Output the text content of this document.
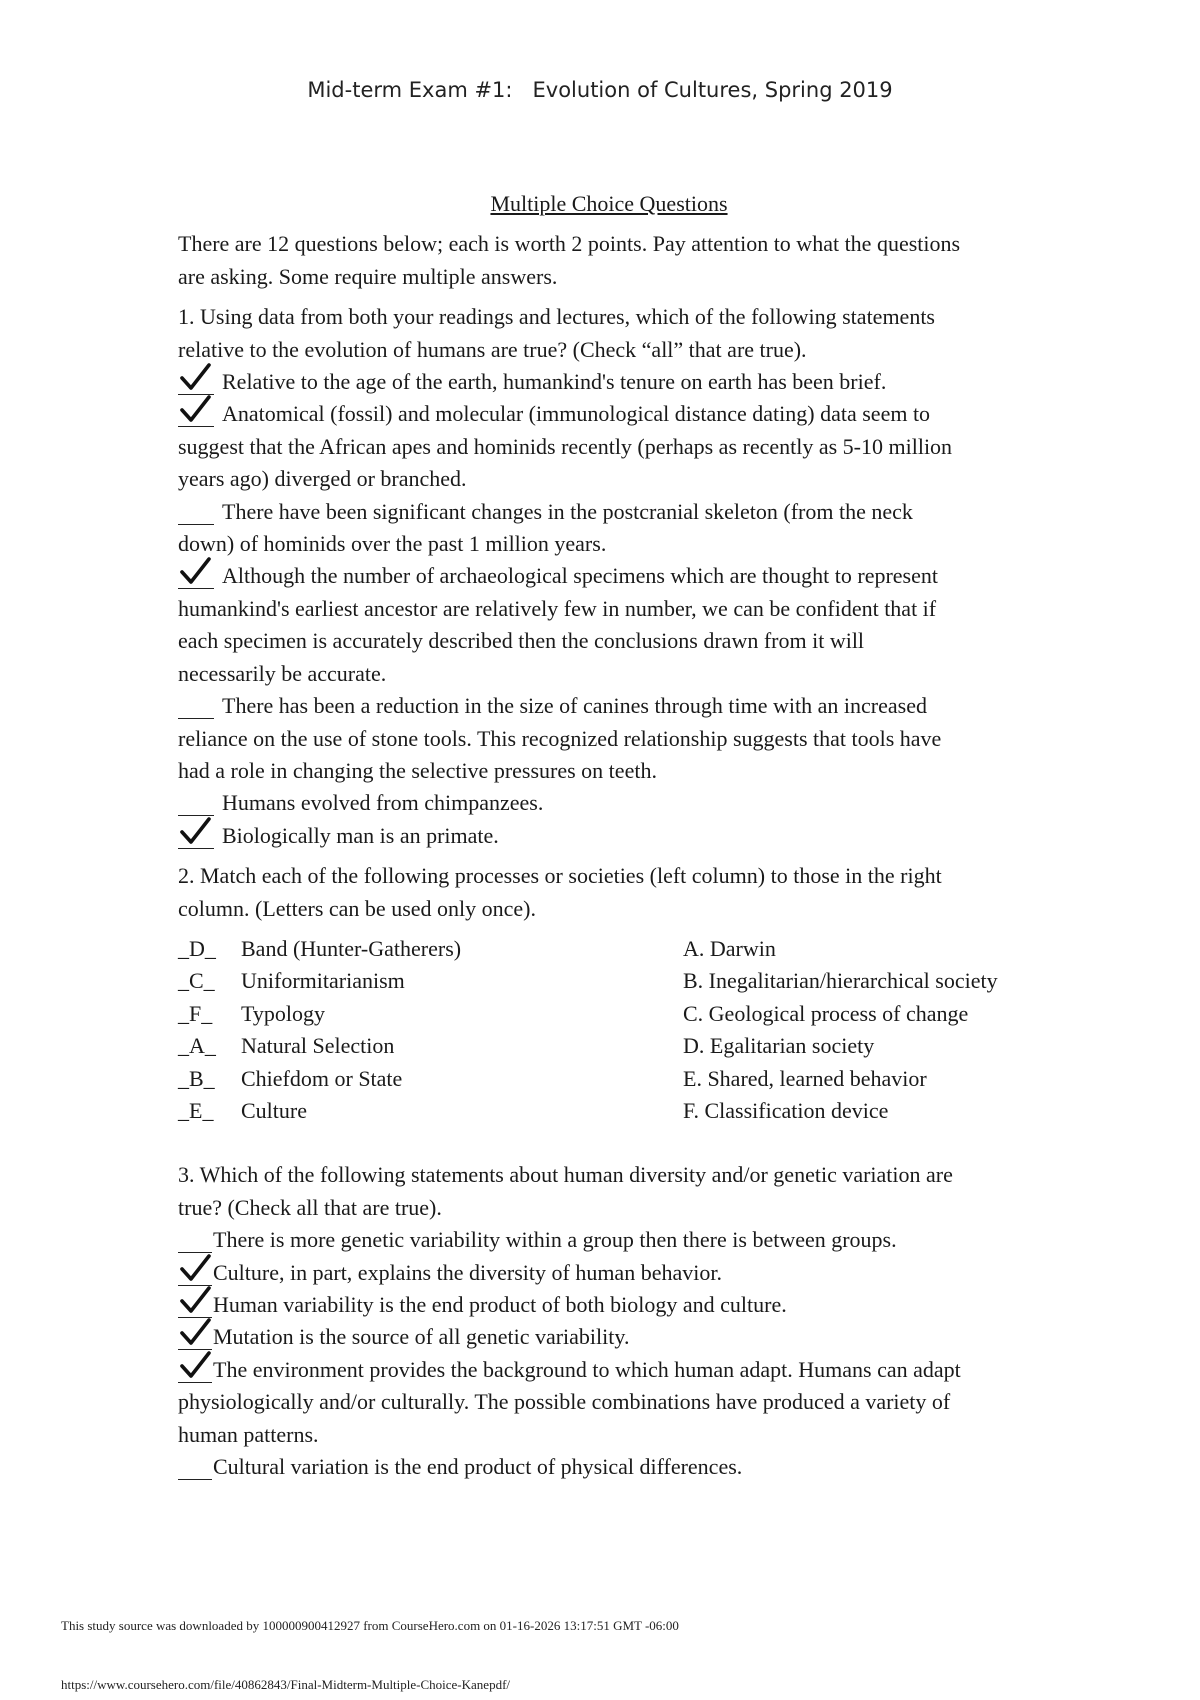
Mid-term Exam #1:   Evolution of Cultures, Spring 2019
Multiple Choice Questions
There are 12 questions below; each is worth 2 points. Pay attention to what the questions
are asking. Some require multiple answers.
1. Using data from both your readings and lectures, which of the following statements
relative to the evolution of humans are true? (Check “all” that are true).
Relative to the age of the earth, humankind's tenure on earth has been brief.
Anatomical (fossil) and molecular (immunological distance dating) data seem to
suggest that the African apes and hominids recently (perhaps as recently as 5-10 million
years ago) diverged or branched.
There have been significant changes in the postcranial skeleton (from the neck
down) of hominids over the past 1 million years.
Although the number of archaeological specimens which are thought to represent
humankind's earliest ancestor are relatively few in number, we can be confident that if
each specimen is accurately described then the conclusions drawn from it will
necessarily be accurate.
There has been a reduction in the size of canines through time with an increased
reliance on the use of stone tools. This recognized relationship suggests that tools have
had a role in changing the selective pressures on teeth.
Humans evolved from chimpanzees.
Biologically man is an primate.
2. Match each of the following processes or societies (left column) to those in the right
column. (Letters can be used only once).
_D_ Band (Hunter-Gatherers)
_C_ Uniformitarianism
_F_ Typology
_A_ Natural Selection
_B_ Chiefdom or State
_E_ Culture
A. Darwin
B. Inegalitarian/hierarchical society
C. Geological process of change
D. Egalitarian society
E. Shared, learned behavior
F. Classification device
3. Which of the following statements about human diversity and/or genetic variation are
true? (Check all that are true).
There is more genetic variability within a group then there is between groups.
Culture, in part, explains the diversity of human behavior.
Human variability is the end product of both biology and culture.
Mutation is the source of all genetic variability.
The environment provides the background to which human adapt. Humans can adapt
physiologically and/or culturally. The possible combinations have produced a variety of
human patterns.
Cultural variation is the end product of physical differences.
This study source was downloaded by 100000900412927 from CourseHero.com on 01-16-2026 13:17:51 GMT -06:00
https://www.coursehero.com/file/40862843/Final-Midterm-Multiple-Choice-Kanepdf/
